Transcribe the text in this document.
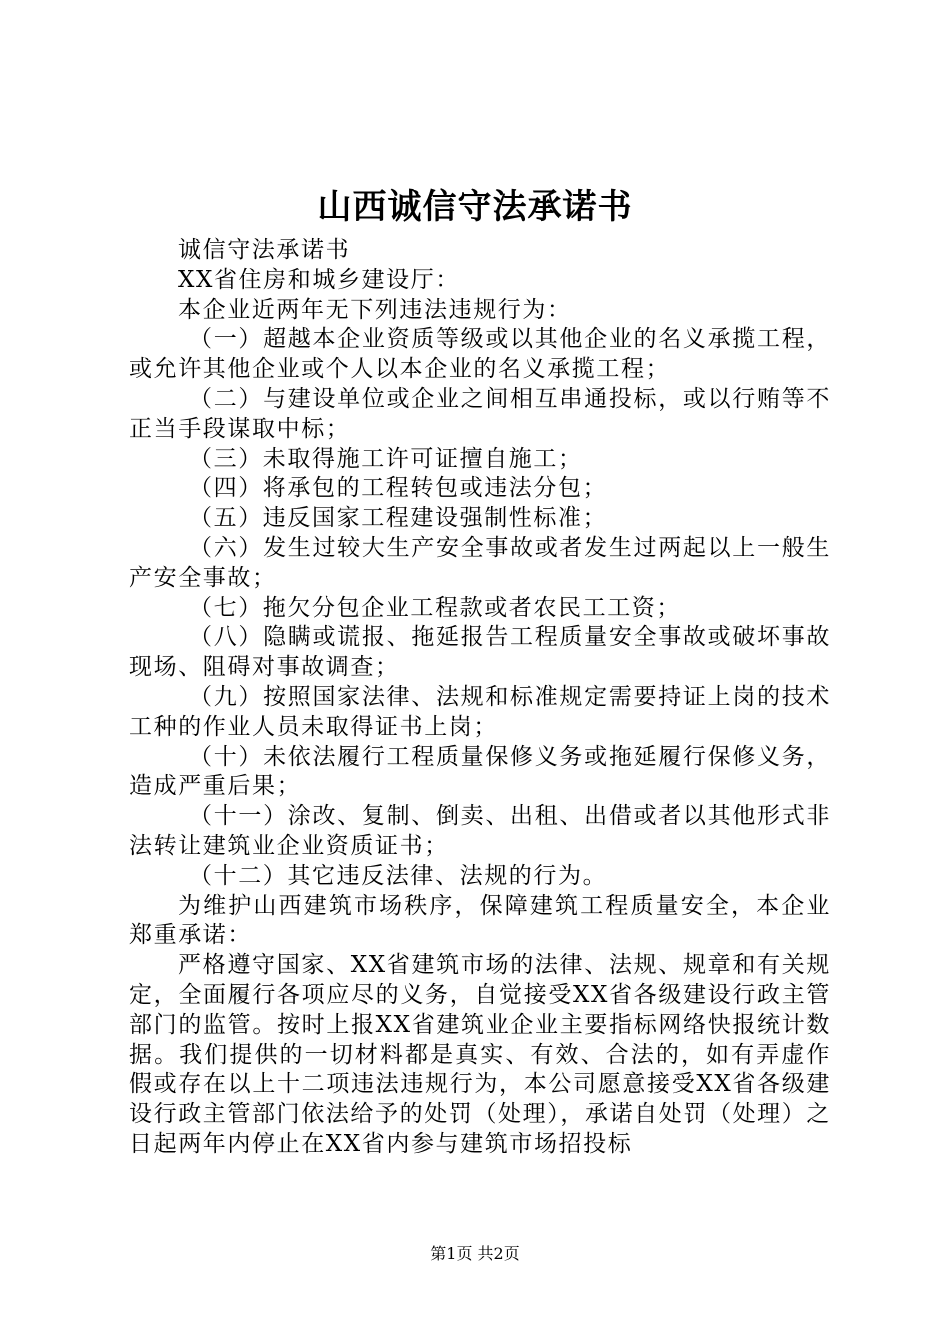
山西诚信守法承诺书

诚信守法承诺书

XX省住房和城乡建设厅：

本企业近两年无下列违法违规行为：

（一）超越本企业资质等级或以其他企业的名义承揽工程，或允许其他企业或个人以本企业的名义承揽工程；

（二）与建设单位或企业之间相互串通投标，或以行贿等不正当手段谋取中标；

（三）未取得施工许可证擅自施工；

（四）将承包的工程转包或违法分包；

（五）违反国家工程建设强制性标准；

（六）发生过较大生产安全事故或者发生过两起以上一般生产安全事故；

（七）拖欠分包企业工程款或者农民工工资；

（八）隐瞒或谎报、拖延报告工程质量安全事故或破坏事故现场、阻碍对事故调查；

（九）按照国家法律、法规和标准规定需要持证上岗的技术工种的作业人员未取得证书上岗；

（十）未依法履行工程质量保修义务或拖延履行保修义务，造成严重后果；

（十一）涂改、复制、倒卖、出租、出借或者以其他形式非法转让建筑业企业资质证书；

（十二）其它违反法律、法规的行为。

为维护山西建筑市场秩序，保障建筑工程质量安全，本企业郑重承诺：

严格遵守国家、XX省建筑市场的法律、法规、规章和有关规定，全面履行各项应尽的义务，自觉接受XX省各级建设行政主管部门的监管。按时上报XX省建筑业企业主要指标网络快报统计数据。我们提供的一切材料都是真实、有效、合法的，如有弄虚作假或存在以上十二项违法违规行为，本公司愿意接受XX省各级建设行政主管部门依法给予的处罚（处理），承诺自处罚（处理）之日起两年内停止在XX省内参与建筑市场招投标

第1页 共2页
